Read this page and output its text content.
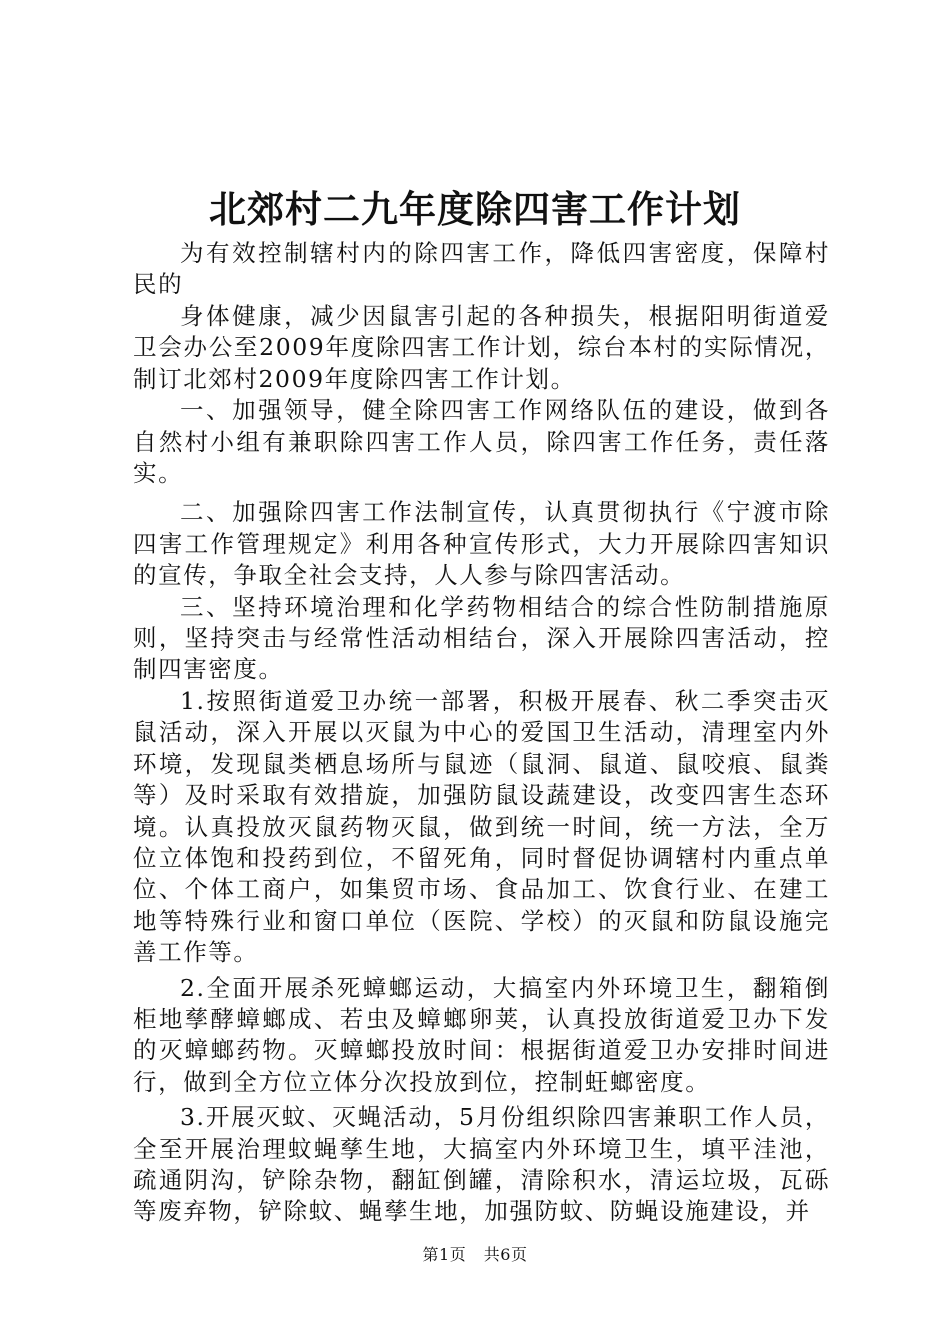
北郊村二九年度除四害工作计划

为有效控制辖村内的除四害工作，降低四害密度，保障村民的

身体健康，减少因鼠害引起的各种损失，根据阳明街道爱卫会办公至2009年度除四害工作计划，综台本村的实际情况，制订北郊村2009年度除四害工作计划。

一、加强领导，健全除四害工作网络队伍的建设，做到各自然村小组有兼职除四害工作人员，除四害工作任务，责任落实。

二、加强除四害工作法制宣传，认真贯彻执行《宁渡市除四害工作管理规定》利用各种宣传形式，大力开展除四害知识的宣传，争取全社会支持，人人参与除四害活动。

三、坚持环境治理和化学药物相结合的综合性防制措施原则，坚持突击与经常性活动相结台，深入开展除四害活动，控制四害密度。

1.按照街道爱卫办统一部署，积极开展春、秋二季突击灭鼠活动，深入开展以灭鼠为中心的爱国卫生活动，清理室内外环境，发现鼠类栖息场所与鼠迹（鼠洞、鼠道、鼠咬痕、鼠粪等）及时采取有效措旋，加强防鼠设蔬建设，改变四害生态环境。认真投放灭鼠药物灭鼠，做到统一时间，统一方法，全万位立体饱和投药到位，不留死角，同时督促协调辖村内重点单位、个体工商户，如集贸市场、食品加工、饮食行业、在建工地等特殊行业和窗口单位（医院、学校）的灭鼠和防鼠设施完善工作等。

2.全面开展杀死蟑螂运动，大搞室内外环境卫生，翻箱倒柜地孳酵蟑螂成、若虫及蟑螂卵荚，认真投放街道爱卫办下发的灭蟑螂药物。灭蟑螂投放时间：根据街道爱卫办安排时间进行，做到全方位立体分次投放到位，控制蚟螂密度。

3.开展灭蚊、灭蝇活动，5月份组织除四害兼职工作人员，全至开展治理蚊蝇孳生地，大搞室内外环境卫生，填平洼池，疏通阴沟，铲除杂物，翻缸倒罐，清除积水，清运垃圾，瓦砾等废弃物，铲除蚊、蝇孳生地，加强防蚊、防蝇设施建设，并

第1页 共6页
